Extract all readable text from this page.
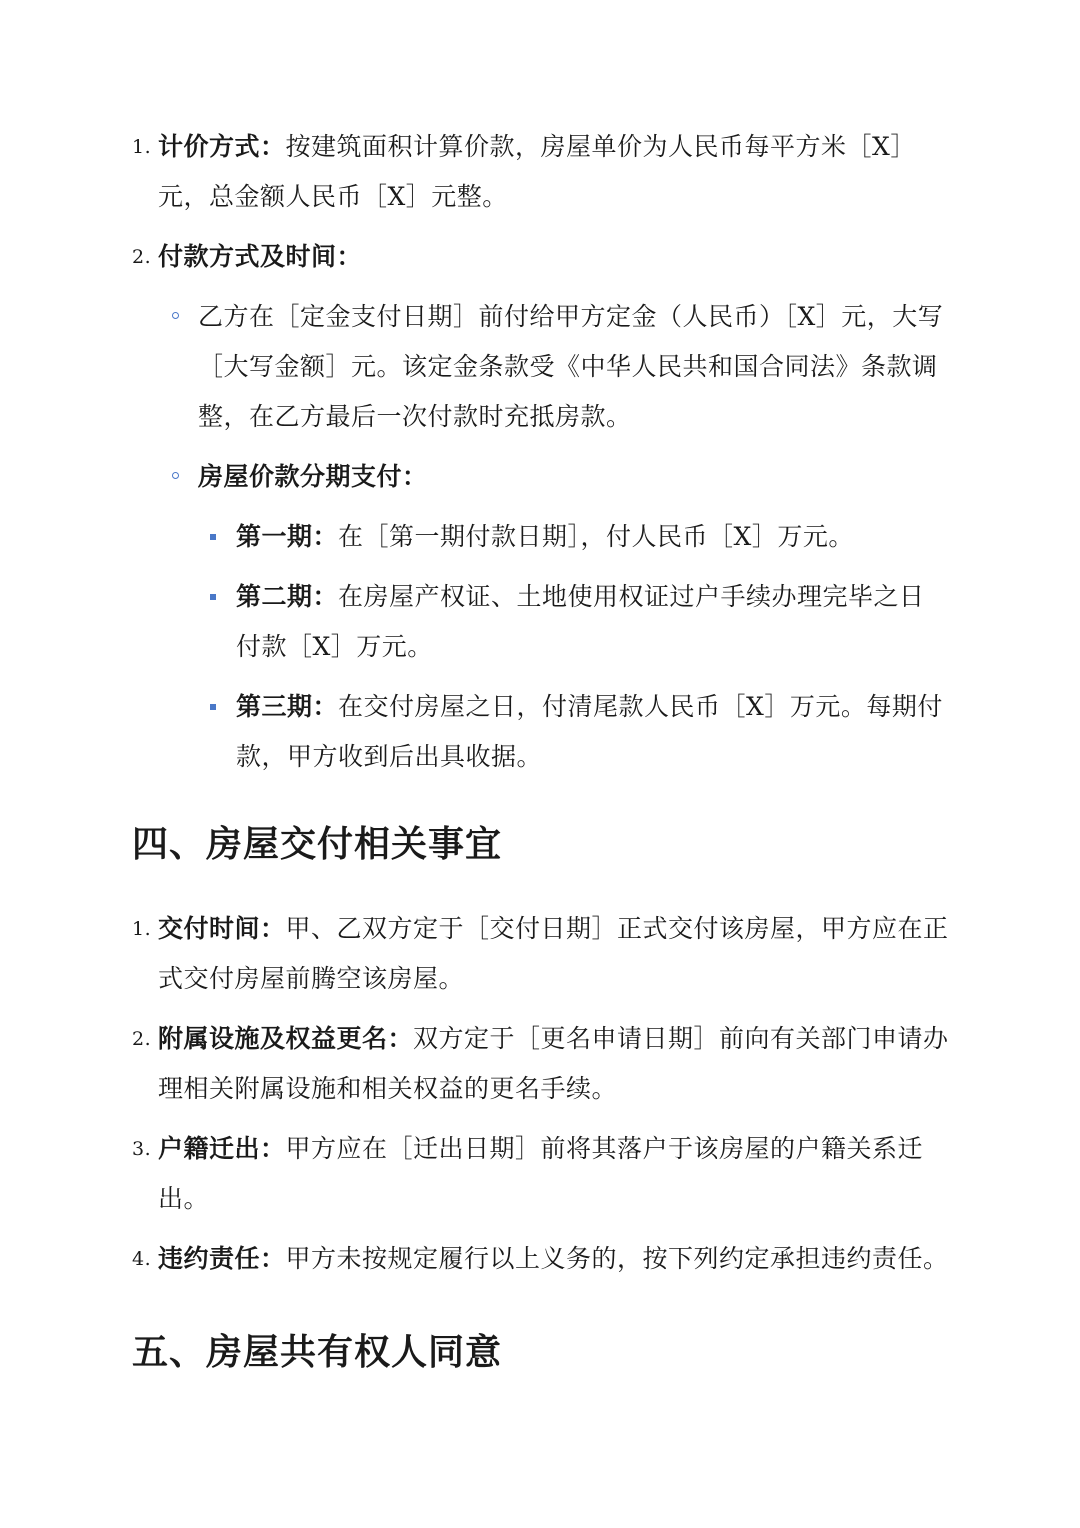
1. 计价方式：按建筑面积计算价款，房屋单价为人民币每平方米［X］元，总金额人民币［X］元整。
2. 付款方式及时间：
乙方在［定金支付日期］前付给甲方定金（人民币）［X］元，大写［大写金额］元。该定金条款受《中华人民共和国合同法》条款调整，在乙方最后一次付款时充抵房款。
房屋价款分期支付：
第一期：在［第一期付款日期］，付人民币［X］万元。
第二期：在房屋产权证、土地使用权证过户手续办理完毕之日付款［X］万元。
第三期：在交付房屋之日，付清尾款人民币［X］万元。每期付款，甲方收到后出具收据。
四、房屋交付相关事宜
1. 交付时间：甲、乙双方定于［交付日期］正式交付该房屋，甲方应在正式交付房屋前腾空该房屋。
2. 附属设施及权益更名：双方定于［更名申请日期］前向有关部门申请办理相关附属设施和相关权益的更名手续。
3. 户籍迁出：甲方应在［迁出日期］前将其落户于该房屋的户籍关系迁出。
4. 违约责任：甲方未按规定履行以上义务的，按下列约定承担违约责任。
五、房屋共有权人同意
